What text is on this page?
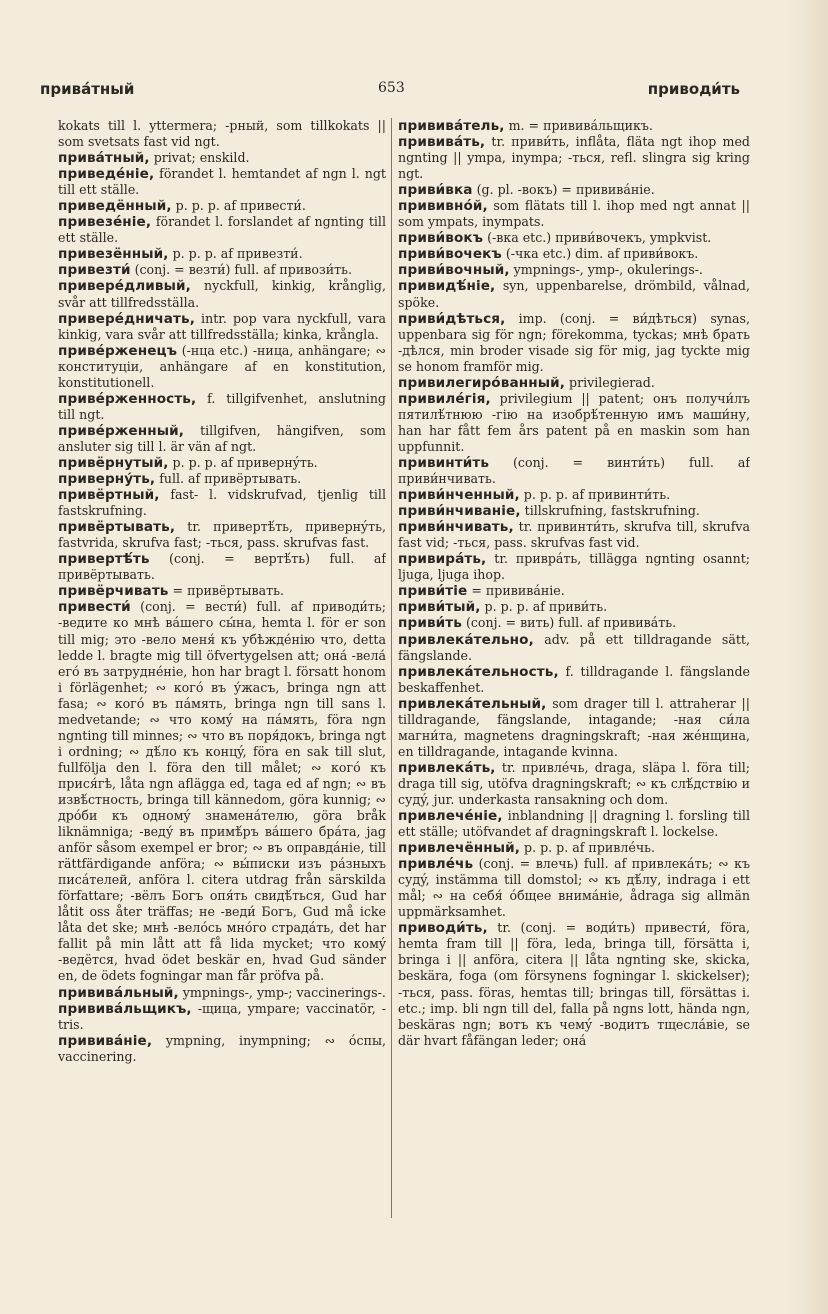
привáтный	653	приводи́ть

kokats till l. yttermera; -рный, som tillkokats || som svetsats fast vid ngt.

привáтный, privat; enskild.

приведéніе, förandet l. hemtandet af ngn l. ngt till ett ställe.

приведённый, p. p. p. af привести́.

привезéніе, förandet l. forslandet af ngnting till ett ställe.

привезённый, p. p. p. af привезти́.

привезти́ (conj. = везти́) full. af привози́ть.

приверéдливый, nyckfull, kinkig, krånglig, svår att tillfredsställa.

приверéдничать, intr. pop vara nyckfull, vara kinkig, vara svår att tillfredsställa; kinka, krångla.

привéрженецъ (-нца etc.) -ница, anhängare; ∾ конституціи, anhängare af en konstitution, konstitutionell.

привéрженность, f. tillgifvenhet, anslutning till ngt.

привéрженный, tillgifven, hängifven, som ansluter sig till l. är vän af ngt.

привёрнутый, p. p. p. af привернýть.

привернýть, full. af привёртывать.

привёртный, fast- l. vidskrufvad, tjenlig till fastskrufning.

привёртывать, tr. привертѣ́ть, привернýть, fastvrida, skrufva fast; -ться, pass. skrufvas fast.

привертѣ́ть (conj. = вертѣ́ть) full. af привёртывать.

привёрчивать = привёртывать.

привести́ (conj. = вести́) full. af приводи́ть; -ведите ко мнѣ вáшего сы́на, hemta l. för er son till mig; это -вело меня́ къ убѣжде́нію что, detta ledde l. bragte mig till öfvertygelsen att; она́ -вела́ его́ въ затрудне́ніе, hon har bragt l. försatt honom i förlägenhet; ∾ когó въ у́жасъ, bringa ngn att fasa; ∾ когó въ пáмять, bringa ngn till sans l. medvetande; ∾ что комý на пáмять, föra ngn ngnting till minnes; ∾ что въ поря́докъ, bringa ngt i ordning; ∾ дѣ́ло къ концý, föra en sak till slut, fullfölja den l. föra den till målet; ∾ когó къ прися́гѣ, låta ngn aflägga ed, taga ed af ngn; ∾ въ извѣ́стность, bringa till kännedom, göra kunnig; ∾ дрóби къ одномý знаменáтелю, göra bråk liknämniga; -веду́ въ примѣ́ръ вáшего брáта, jag anför såsom exempel er bror; ∾ въ оправдáніе, till rättfärdigande anföra; ∾ вы́писки изъ рáзныхъ писáтелей, anföra l. citera utdrag från särskilda författare; -вёлъ Богъ опя́ть свидѣ́ться, Gud har låtit oss åter träffas; не -веди́ Богъ, Gud må icke låta det ske; мнѣ -велóсь мнóго страдáть, det har fallit på min lått att få lida mycket; что комý -ведётся, hvad ödet beskär en, hvad Gud sänder en, de ödets fogningar man får pröfva på.

прививáльный, ympnings-, ymp-; vaccinerings-.

прививáльщикъ, -щица, ympare; vaccinatör, -tris.

прививáніе, ympning, inympning; ∾ óспы, vaccinering.

прививáтель, m. = прививáльщикъ.

прививáть, tr. приви́ть, inflåta, fläta ngt ihop med ngnting || ympa, inympa; -ться, refl. slingra sig kring ngt.

приви́вка (g. pl. -вокъ) = прививáніе.

прививнóй, som flätats till l. ihop med ngt annat || som ympats, inympats.

приви́вокъ (-вка etc.) приви́вочекъ, ympkvist.

приви́вочекъ (-чка etc.) dim. af приви́вокъ.

приви́вочный, ympnings-, ymp-, okulerings-.

привидѣ́ніе, syn, uppenbarelse, drömbild, vålnad, spöke.

приви́дѣться, imp. (conj. = ви́дѣться) synas, uppenbara sig för ngn; förekomma, tyckas; мнѣ брать -дѣлся, min broder visade sig för mig, jag tyckte mig se honom framför mig.

привилегирóванный, privilegierad.

привилéгія, privilegium || patent; онъ получи́лъ пятилѣ́тнюю -гію на изобрѣ́тенную имъ маши́ну, han har fått fem års patent på en maskin som han uppfunnit.

привинти́ть (conj. = винти́ть) full. af приви́нчивать.

приви́нченный, p. p. p. af привинти́ть.

приви́нчиваніе, tillskrufning, fastskrufning.

приви́нчивать, tr. привинти́ть, skrufva till, skrufva fast vid; -ться, pass. skrufvas fast vid.

привирáть, tr. приврáть, tillägga ngnting osannt; ljuga, ljuga ihop.

приви́тіе = прививáніе.

приви́тый, p. p. p. af приви́ть.

приви́ть (conj. = вить) full. af прививáть.

привлекáтельно, adv. på ett tilldragande sätt, fängslande.

привлекáтельность, f. tilldragande l. fängslande beskaffenhet.

привлекáтельный, som drager till l. attraherar || tilldragande, fängslande, intagande; -ная си́ла магни́та, magnetens dragningskraft; -ная жéнщина, en tilldragande, intagande kvinna.

привлекáть, tr. привлéчь, draga, släpa l. föra till; draga till sig, utöfva dragningskraft; ∾ къ слѣ́дствію и судý, jur. underkasta ransakning och dom.

привлечéніе, inblandning || dragning l. forsling till ett ställe; utöfvandet af dragningskraft l. lockelse.

привлечённый, p. p. p. af привлéчь.

привлéчь (conj. = влечь) full. af привлекáть; ∾ къ судý, instämma till domstol; ∾ къ дѣ́лу, indraga i ett mål; ∾ на себя́ óбщее внимáніе, ådraga sig allmän uppmärksamhet.

приводи́ть, tr. (conj. = води́ть) привести́, föra, hemta fram till || föra, leda, bringa till, försätta i, bringa i || anföra, citera || låta ngnting ske, skicka, beskära, foga (om försynens fogningar l. skickelser); -ться, pass. föras, hemtas till; bringas till, försättas i. etc.; imp. bli ngn till del, falla på ngns lott, hända ngn, beskäras ngn; вотъ къ чемý -водитъ тщеслáвіе, se där hvart fåfängan leder; онá
